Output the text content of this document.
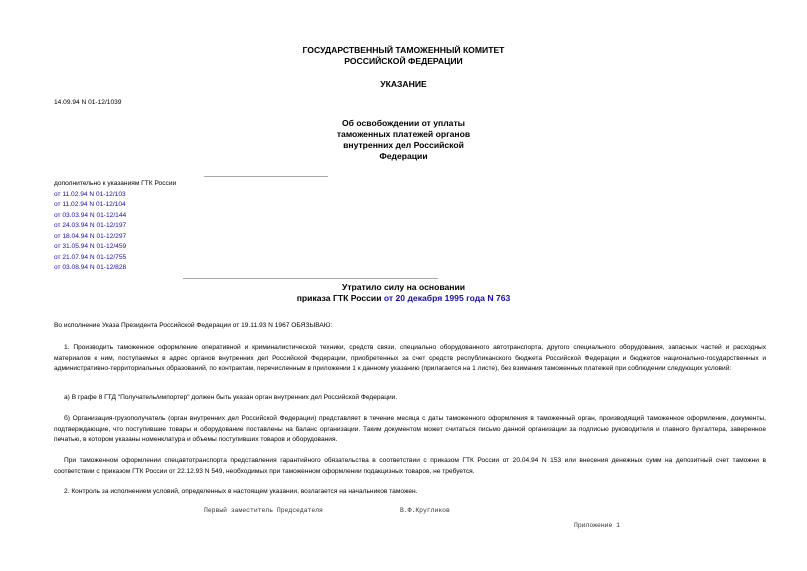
ГОСУДАРСТВЕННЫЙ ТАМОЖЕННЫЙ КОМИТЕТ
РОССИЙСКОЙ ФЕДЕРАЦИИ
УКАЗАНИЕ
14.09.94 N 01-12/1039
Об освобождении от уплаты
таможенных платежей органов
внутренних дел Российской
Федерации
дополнительно к указаниям ГТК России
от 11.02.94 N 01-12/103
от 11.02.94 N 01-12/104
от 03.03.94 N 01-12/144
от 24.03.94 N 01-12/197
от 18.04.94 N 01-12/297
от 31.05.94 N 01-12/459
от 21.07.94 N 01-12/755
от 03.08.94 N 01-12/828
Утратило силу на основании
приказа ГТК России от 20 декабря 1995 года N 763
Во исполнение Указа Президента Российской Федерации от 19.11.93 N 1967 ОБЯЗЫВАЮ:
1. Производить таможенное оформление оперативной и криминалистической техники, средств связи, специально оборудованного автотранспорта, другого специального оборудования, запасных частей и расходных материалов к ним, поступаемых в адрес органов внутренних дел Российской Федерации, приобретенных за счет средств республиканского бюджета Российской Федерации и бюджетов национально-государственных и административно-территориальных образований, по контрактам, перечисленным в приложении 1 к данному указанию (прилагается на 1 листе), без взимания таможенных платежей при соблюдении следующих условий:
а) В графе 8 ГТД "Получатель/импортер" должен быть указан орган внутренних дел Российской Федерации.
б) Организация-грузополучатель (орган внутренних дел Российской Федерации) представляет в течение месяца с даты таможенного оформления в таможенный орган, производящий таможенное оформление, документы, подтверждающие, что поступившие товары и оборудование поставлены на баланс организации. Таким документом может считаться письмо данной организации за подписью руководителя и главного бухгалтера, заверенное печатью, в котором указаны номенклатура и объемы поступивших товаров и оборудования.
При таможенном оформлении спецавтотранспорта представления гарантийного обязательства в соответствии с приказом ГТК России от 20.04.94 N 153 или внесения денежных сумм на депозитный счет таможни в соответствии с приказом ГТК России от 22.12.93 N 549, необходимых при таможенном оформлении подакцизных товаров, не требуется.
2. Контроль за исполнением условий, определенных в настоящем указании, возлагается на начальников таможен.
Первый заместитель Председателя	В.Ф.Кругликов
Приложение 1
